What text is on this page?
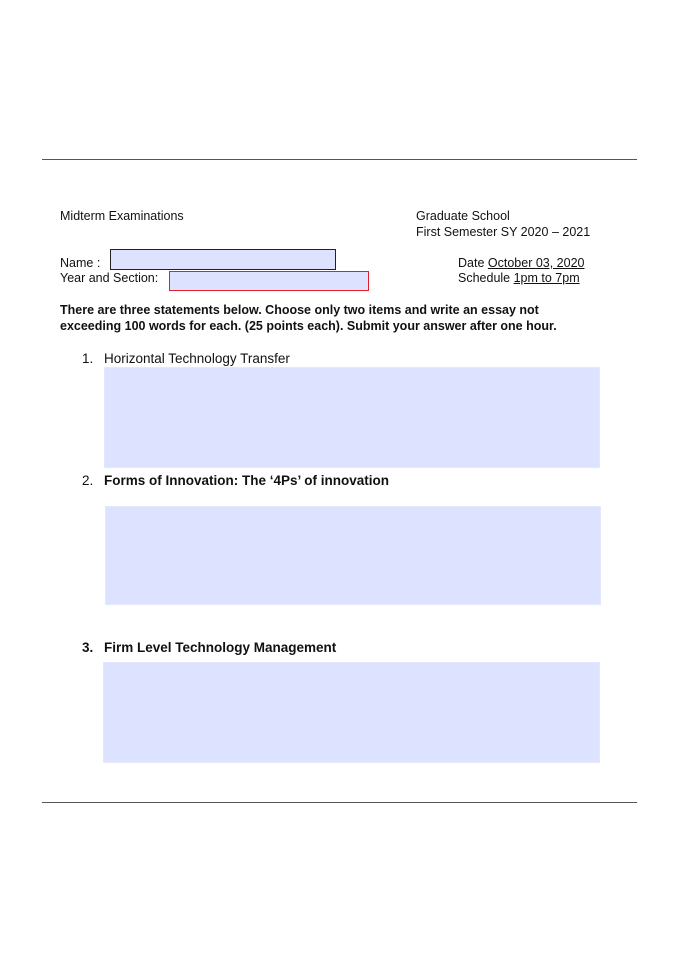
Midterm Examinations	Graduate School
First Semester SY 2020 – 2021
Name :
Year and Section:
Date October 03, 2020
Schedule 1pm to 7pm
There are three statements below. Choose only two items and write an essay not
exceeding 100 words for each. (25 points each). Submit your answer after one hour.
1. Horizontal Technology Transfer
2. Forms of Innovation: The ‘4Ps’ of innovation
3. Firm Level Technology Management
